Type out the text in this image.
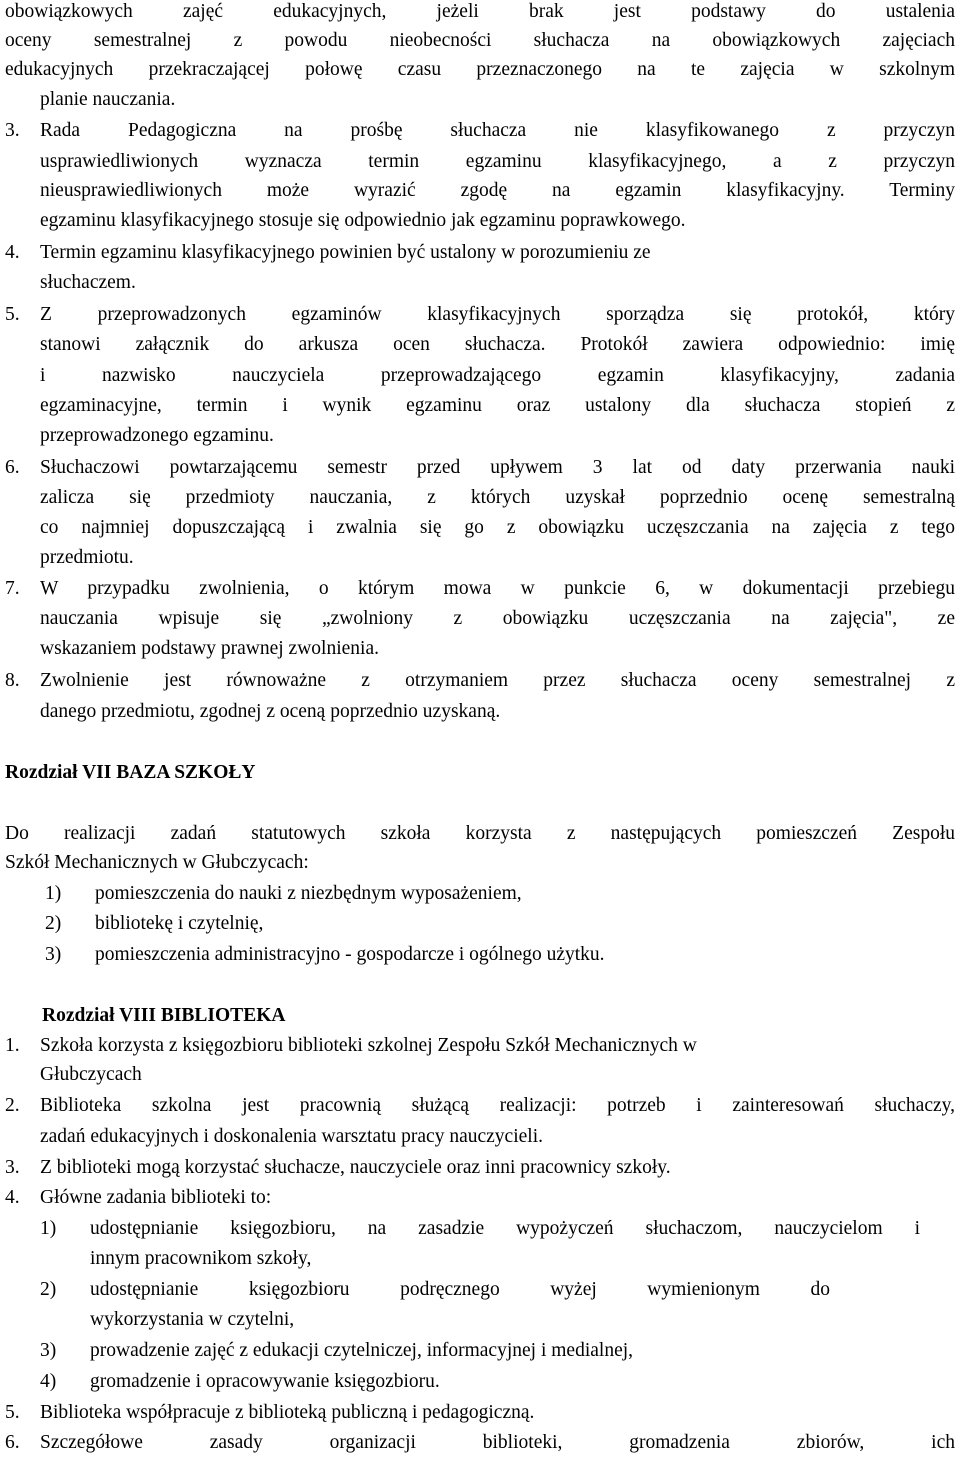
obowiązkowych zajęć edukacyjnych, jeżeli brak jest podstawy do ustalenia
oceny semestralnej z powodu nieobecności słuchacza na obowiązkowych zajęciach
edukacyjnych przekraczającej połowę czasu przeznaczonego na te zajęcia w szkolnym
planie nauczania.
3. Rada Pedagogiczna na prośbę słuchacza nie klasyfikowanego z przyczyn
usprawiedliwionych wyznacza termin egzaminu klasyfikacyjnego, a z przyczyn
nieusprawiedliwionych może wyrazić zgodę na egzamin klasyfikacyjny. Terminy
egzaminu klasyfikacyjnego stosuje się odpowiednio jak egzaminu poprawkowego.
4. Termin egzaminu klasyfikacyjnego powinien być ustalony w porozumieniu ze
słuchaczem.
5. Z przeprowadzonych egzaminów klasyfikacyjnych sporządza się protokół, który
stanowi załącznik do arkusza ocen słuchacza. Protokół zawiera odpowiednio: imię
i nazwisko nauczyciela przeprowadzającego egzamin klasyfikacyjny, zadania
egzaminacyjne, termin i wynik egzaminu oraz ustalony dla słuchacza stopień z
przeprowadzonego egzaminu.
6. Słuchaczowi powtarzającemu semestr przed upływem 3 lat od daty przerwania nauki
zalicza się przedmioty nauczania, z których uzyskał poprzednio ocenę semestralną
co najmniej dopuszczającą i zwalnia się go z obowiązku uczęszczania na zajęcia z tego
przedmiotu.
7. W przypadku zwolnienia, o którym mowa w punkcie 6, w dokumentacji przebiegu
nauczania wpisuje się „zwolniony z obowiązku uczęszczania na zajęcia", ze
wskazaniem podstawy prawnej zwolnienia.
8. Zwolnienie jest równoważne z otrzymaniem przez słuchacza oceny semestralnej z
danego przedmiotu, zgodnej z oceną poprzednio uzyskaną.
Rozdział VII BAZA SZKOŁY
Do realizacji zadań statutowych szkoła korzysta z następujących pomieszczeń Zespołu
Szkół Mechanicznych w Głubczycach:
1) pomieszczenia do nauki z niezbędnym wyposażeniem,
2) bibliotekę i czytelnię,
3) pomieszczenia administracyjno - gospodarcze i ogólnego użytku.
Rozdział VIII BIBLIOTEKA
1. Szkoła korzysta z księgozbioru biblioteki szkolnej Zespołu Szkół Mechanicznych w
Głubczycach
2. Biblioteka szkolna jest pracownią służącą realizacji: potrzeb i zainteresowań słuchaczy,
zadań edukacyjnych i doskonalenia warsztatu pracy nauczycieli.
3. Z biblioteki mogą korzystać słuchacze, nauczyciele oraz inni pracownicy szkoły.
4. Główne zadania biblioteki to:
1) udostępnianie księgozbioru, na zasadzie wypożyczeń słuchaczom, nauczycielom i
innym pracownikom szkoły,
2) udostępnianie księgozbioru podręcznego wyżej wymienionym do
wykorzystania w czytelni,
3) prowadzenie zajęć z edukacji czytelniczej, informacyjnej i medialnej,
4) gromadzenie i opracowywanie księgozbioru.
5. Biblioteka współpracuje z biblioteką publiczną i pedagogiczną.
6. Szczegółowe zasady organizacji biblioteki, gromadzenia zbiorów, ich
